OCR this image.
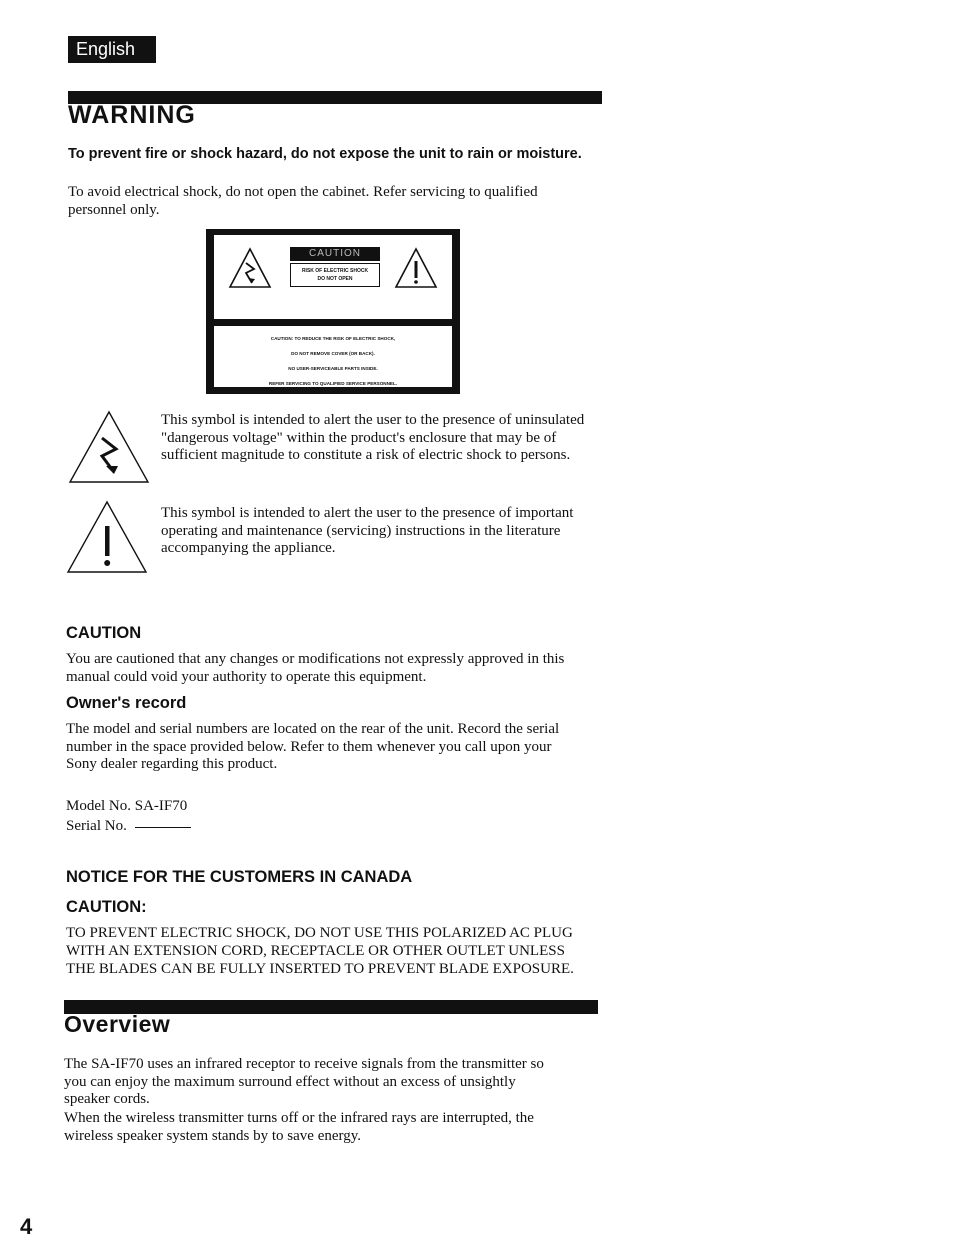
English
WARNING
To prevent fire or shock hazard, do not expose the unit to rain or moisture.
To avoid electrical shock, do not open the cabinet. Refer servicing to qualified personnel only.
CAUTION
RISK OF ELECTRIC SHOCK
DO NOT OPEN
CAUTION: TO REDUCE THE RISK OF ELECTRIC SHOCK,
DO NOT REMOVE COVER (OR BACK).
NO USER-SERVICEABLE PARTS INSIDE.
REFER SERVICING TO QUALIFIED SERVICE PERSONNEL.
This symbol is intended to alert the user to the presence of uninsulated "dangerous voltage" within the product's enclosure that may be of sufficient magnitude to constitute a risk of electric shock to persons.
This symbol is intended to alert the user to the presence of important operating and maintenance (servicing) instructions in the literature accompanying the appliance.
CAUTION
You are cautioned that any changes or modifications not expressly approved in this manual could void your authority to operate this equipment.
Owner's record
The model and serial numbers are located on the rear of the unit. Record the serial number in the space provided below. Refer to them whenever you call upon your Sony dealer regarding this product.
Model No. SA-IF70
Serial No.
NOTICE FOR THE CUSTOMERS IN CANADA
CAUTION:
TO PREVENT ELECTRIC SHOCK, DO NOT USE THIS POLARIZED AC PLUG WITH AN EXTENSION CORD, RECEPTACLE OR OTHER OUTLET UNLESS THE BLADES CAN BE FULLY INSERTED TO PREVENT BLADE EXPOSURE.
Overview
The SA-IF70 uses an infrared receptor to receive signals from the transmitter so you can enjoy the maximum surround effect without an excess of unsightly speaker cords.
When the wireless transmitter turns off or the infrared rays are interrupted, the wireless speaker system stands by to save energy.
4
